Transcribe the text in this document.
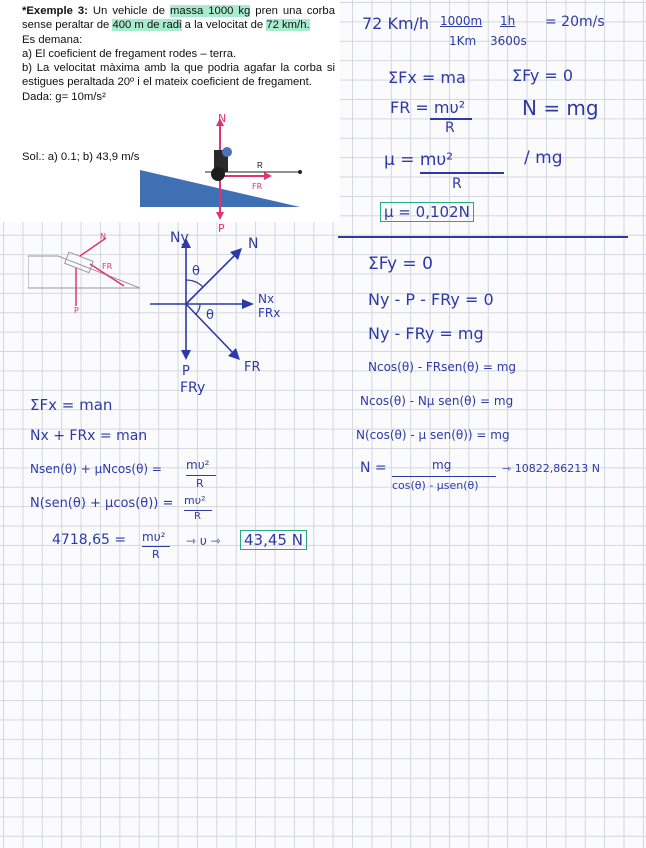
*Exemple 3: Un vehicle de massa 1000 kg pren una corba sense peraltar de 400 m de radi a la velocitat de 72 km/h.

Es demana:

a) El coeficient de fregament rodes – terra.

b) La velocitat màxima amb la que podria agafar la corba si estigues peraltada 20º i el mateix coeficient de fregament.

Dada: g= 10m/s²

Sol.: a) 0.1; b) 43,9 m/s
N
R
FR
P
72 Km/h 1000m
1Km
1h
3600s
= 20m/s
ΣFx = ma	ΣFy = 0
FR = mυ²
R
N = mg
μ = mυ²	/ mg
R
μ = 0,102N
Ny	N
θ
θ
Nx
FRx
P
FRy
FR
N
FR
P
ΣFx = man
Nx + FRx = man
Nsen(θ) + μNcos(θ) = mυ²
R
N(sen(θ) + μcos(θ)) = mυ²
R
4718,65 = mυ²
R
⇾ υ ⇾ 43,45 N
ΣFy = 0
Ny - P - FRy = 0
Ny - FRy = mg
Ncos(θ) - FRsen(θ) = mg
Ncos(θ) - Nμ sen(θ) = mg
N(cos(θ) - μ sen(θ)) = mg
N =	mg
cos(θ) - μsen(θ)
⇾ 10822,86213 N
